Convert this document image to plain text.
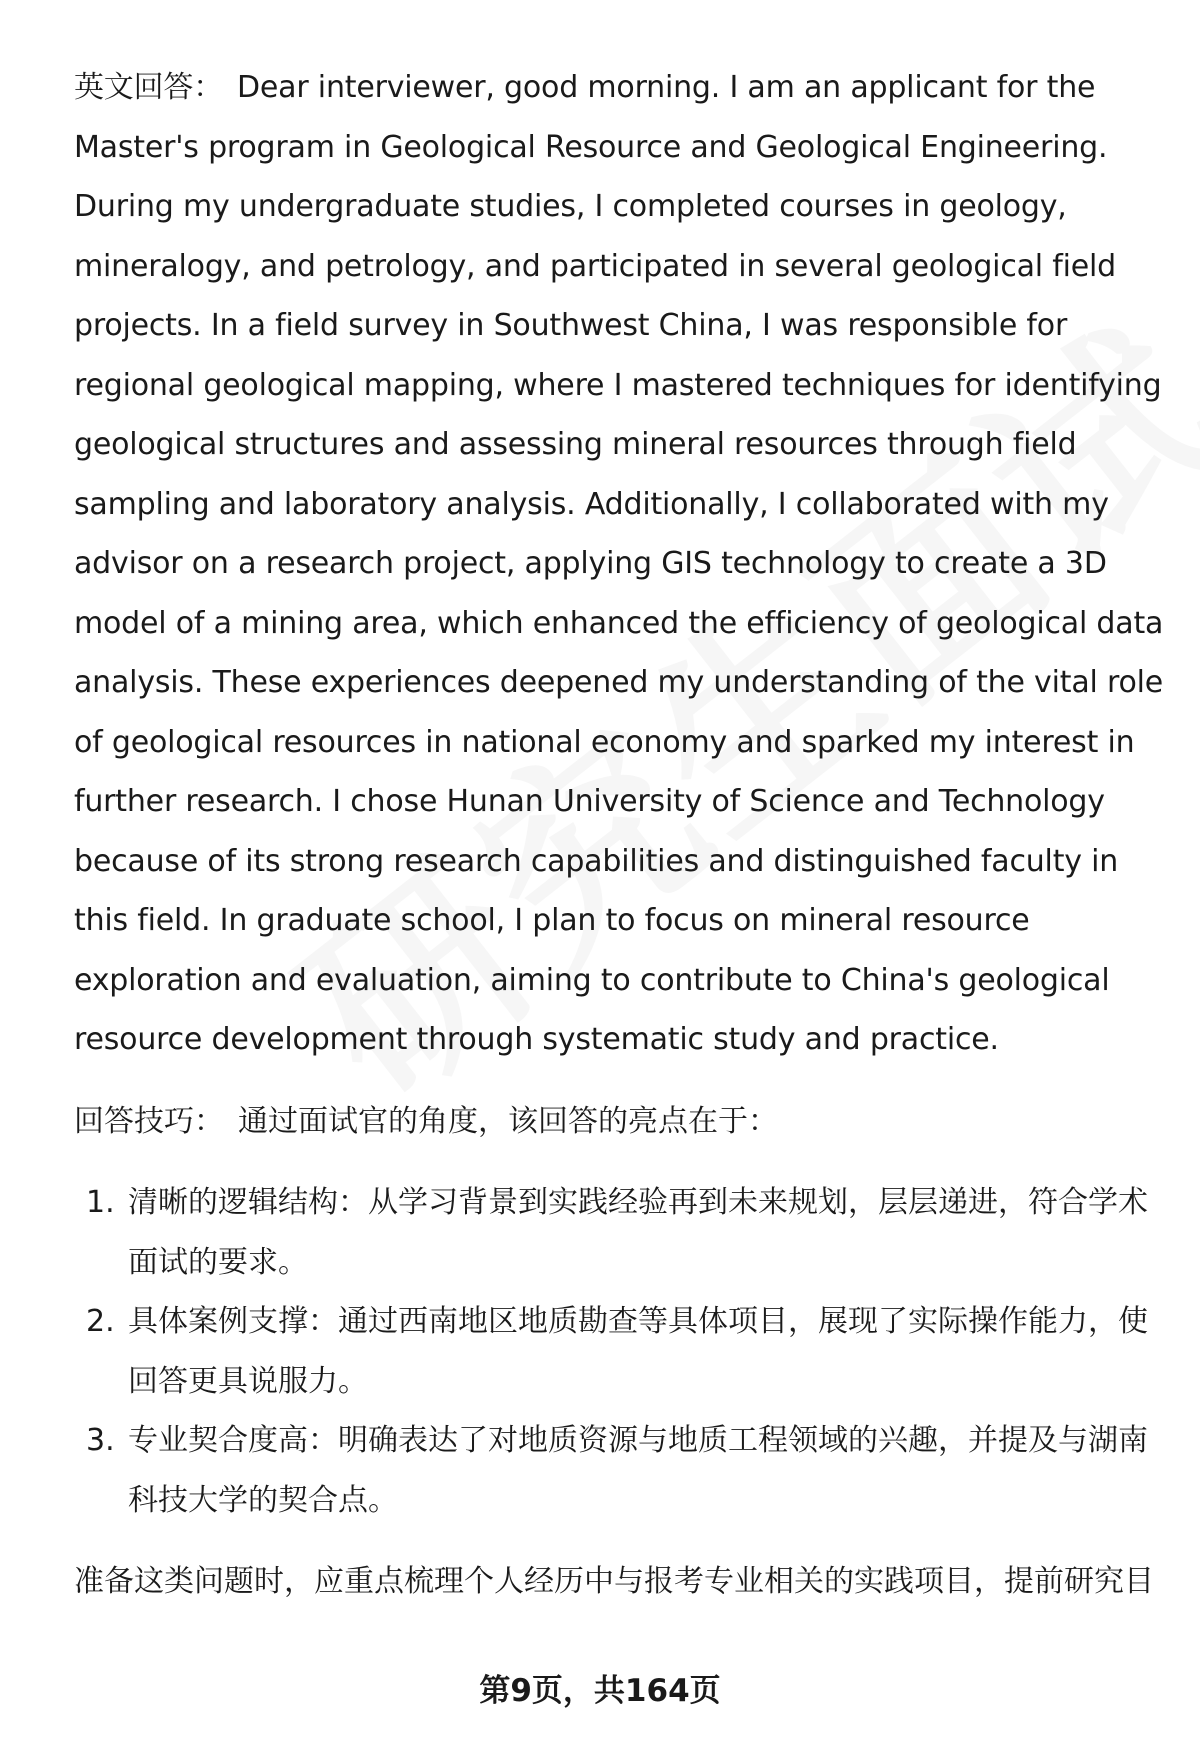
英文回答： Dear interviewer, good morning. I am an applicant for the Master's program in Geological Resource and Geological Engineering. During my undergraduate studies, I completed courses in geology, mineralogy, and petrology, and participated in several geological field projects. In a field survey in Southwest China, I was responsible for regional geological mapping, where I mastered techniques for identifying geological structures and assessing mineral resources through field sampling and laboratory analysis. Additionally, I collaborated with my advisor on a research project, applying GIS technology to create a 3D model of a mining area, which enhanced the efficiency of geological data analysis. These experiences deepened my understanding of the vital role of geological resources in national economy and sparked my interest in further research. I chose Hunan University of Science and Technology because of its strong research capabilities and distinguished faculty in this field. In graduate school, I plan to focus on mineral resource exploration and evaluation, aiming to contribute to China's geological resource development through systematic study and practice.

回答技巧： 通过面试官的角度，该回答的亮点在于：

1. 清晰的逻辑结构：从学习背景到实践经验再到未来规划，层层递进，符合学术面试的要求。
2. 具体案例支撑：通过西南地区地质勘查等具体项目，展现了实际操作能力，使回答更具说服力。
3. 专业契合度高：明确表达了对地质资源与地质工程领域的兴趣，并提及与湖南科技大学的契合点。

准备这类问题时，应重点梳理个人经历中与报考专业相关的实践项目，提前研究目

第9页，共164页
